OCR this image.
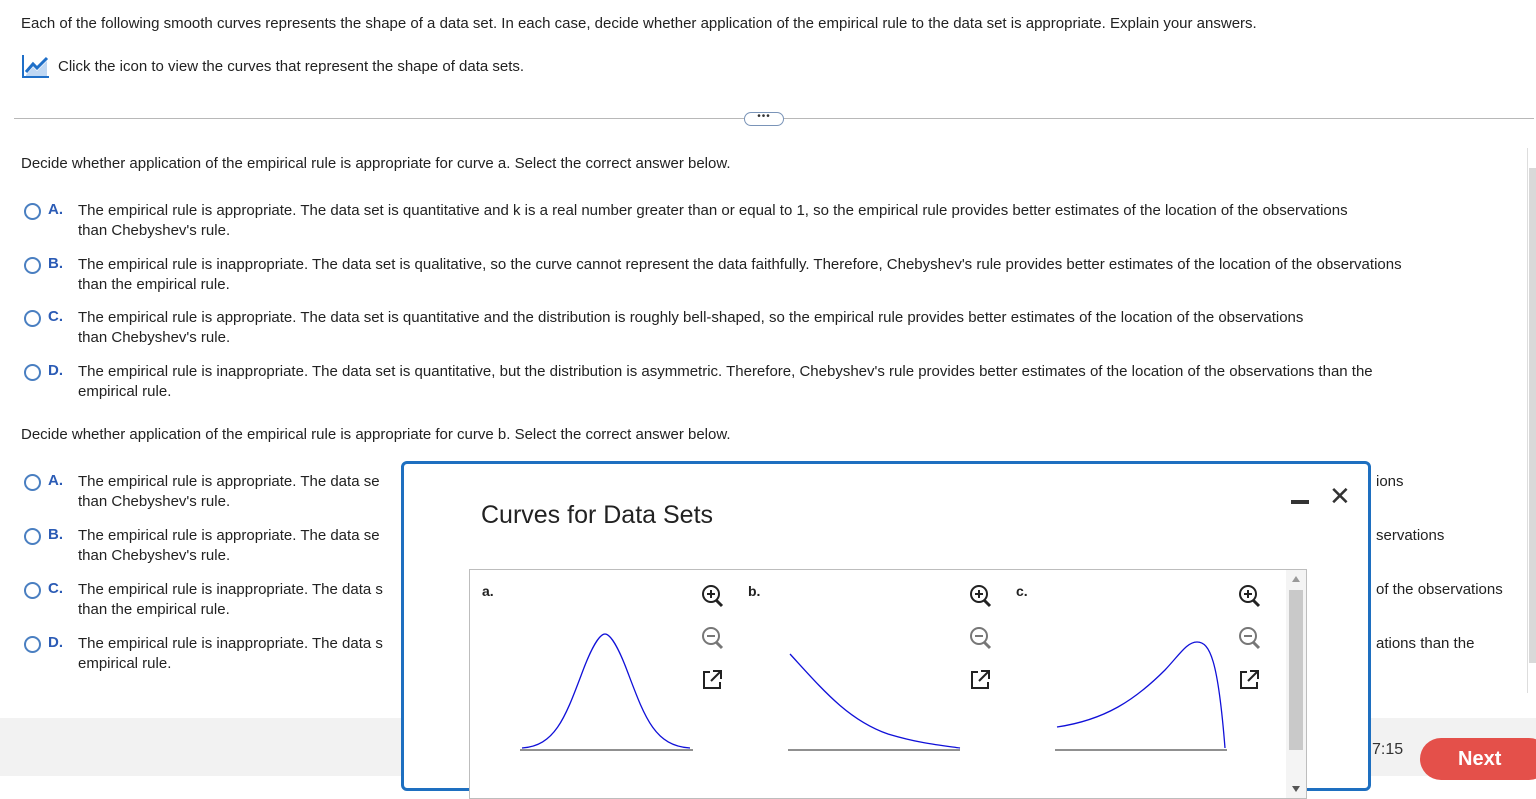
Each of the following smooth curves represents the shape of a data set. In each case, decide whether application of the empirical rule to the data set is appropriate. Explain your answers.
Click the icon to view the curves that represent the shape of data sets.
•••
Decide whether application of the empirical rule is appropriate for curve a. Select the correct answer below.
A.	The empirical rule is appropriate. The data set is quantitative and k is a real number greater than or equal to 1, so the empirical rule provides better estimates of the location of the observations
than Chebyshev's rule.
B.	The empirical rule is inappropriate. The data set is qualitative, so the curve cannot represent the data faithfully. Therefore, Chebyshev's rule provides better estimates of the location of the observations
than the empirical rule.
C.	The empirical rule is appropriate. The data set is quantitative and the distribution is roughly bell-shaped, so the empirical rule provides better estimates of the location of the observations
than Chebyshev's rule.
D.	The empirical rule is inappropriate. The data set is quantitative, but the distribution is asymmetric. Therefore, Chebyshev's rule provides better estimates of the location of the observations than the
empirical rule.
Decide whether application of the empirical rule is appropriate for curve b. Select the correct answer below.
A.	The empirical rule is appropriate. The data se
than Chebyshev's rule.
B.	The empirical rule is appropriate. The data se
than Chebyshev's rule.
C.	The empirical rule is inappropriate. The data s
than the empirical rule.
D.	The empirical rule is inappropriate. The data s
empirical rule.
ions
servations
of the observations
ations than the
7:15	Next
Curves for Data Sets
✕
a.	b.	c.
